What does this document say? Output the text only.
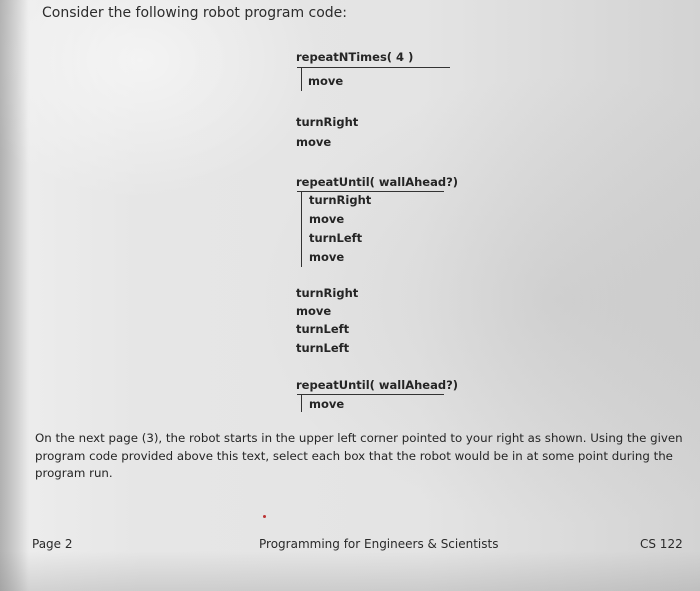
Consider the following robot program code:
repeatNTimes( 4 )
move
turnRight
move
repeatUntil( wallAhead?)
turnRight
move
turnLeft
move
turnRight
move
turnLeft
turnLeft
repeatUntil( wallAhead?)
move
On the next page (3), the robot starts in the upper left corner pointed to your right as shown. Using the given program code provided above this text, select each box that the robot would be in at some point during the program run.
Page 2	Programming for Engineers & Scientists	CS 122
